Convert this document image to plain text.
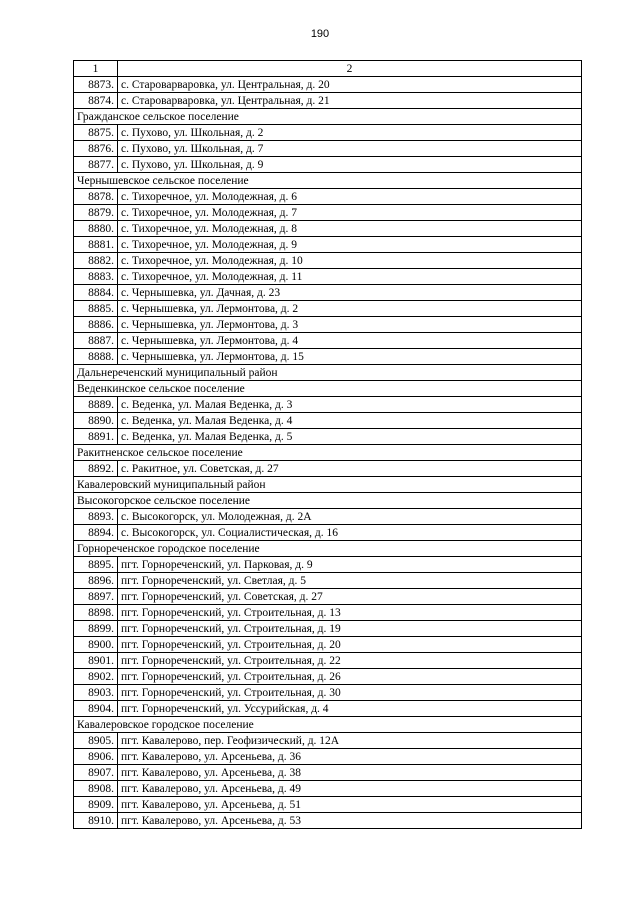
190
1	2
8873.	с. Староварваровка, ул. Центральная, д. 20
8874.	с. Староварваровка, ул. Центральная, д. 21
Гражданское сельское поселение	
8875.	с. Пухово, ул. Школьная, д. 2
8876.	с. Пухово, ул. Школьная, д. 7
8877.	с. Пухово, ул. Школьная, д. 9
Чернышевское сельское поселение	
8878.	с. Тихоречное, ул. Молодежная, д. 6
8879.	с. Тихоречное, ул. Молодежная, д. 7
8880.	с. Тихоречное, ул. Молодежная, д. 8
8881.	с. Тихоречное, ул. Молодежная, д. 9
8882.	с. Тихоречное, ул. Молодежная, д. 10
8883.	с. Тихоречное, ул. Молодежная, д. 11
8884.	с. Чернышевка, ул. Дачная, д. 23
8885.	с. Чернышевка, ул. Лермонтова, д. 2
8886.	с. Чернышевка, ул. Лермонтова, д. 3
8887.	с. Чернышевка, ул. Лермонтова, д. 4
8888.	с. Чернышевка, ул. Лермонтова, д. 15
Дальнереченский муниципальный район	
Веденкинское сельское поселение	
8889.	с. Веденка, ул. Малая Веденка, д. 3
8890.	с. Веденка, ул. Малая Веденка, д. 4
8891.	с. Веденка, ул. Малая Веденка, д. 5
Ракитненское сельское поселение	
8892.	с. Ракитное, ул. Советская, д. 27
Кавалеровский муниципальный район	
Высокогорское сельское поселение	
8893.	с. Высокогорск, ул. Молодежная, д. 2А
8894.	с. Высокогорск, ул. Социалистическая, д. 16
Горнореченское городское поселение	
8895.	пгт. Горнореченский, ул. Парковая, д. 9
8896.	пгт. Горнореченский, ул. Светлая, д. 5
8897.	пгт. Горнореченский, ул. Советская, д. 27
8898.	пгт. Горнореченский, ул. Строительная, д. 13
8899.	пгт. Горнореченский, ул. Строительная, д. 19
8900.	пгт. Горнореченский, ул. Строительная, д. 20
8901.	пгт. Горнореченский, ул. Строительная, д. 22
8902.	пгт. Горнореченский, ул. Строительная, д. 26
8903.	пгт. Горнореченский, ул. Строительная, д. 30
8904.	пгт. Горнореченский, ул. Уссурийская, д. 4
Кавалеровское городское поселение	
8905.	пгт. Кавалерово, пер. Геофизический, д. 12А
8906.	пгт. Кавалерово, ул. Арсеньева, д. 36
8907.	пгт. Кавалерово, ул. Арсеньева, д. 38
8908.	пгт. Кавалерово, ул. Арсеньева, д. 49
8909.	пгт. Кавалерово, ул. Арсеньева, д. 51
8910.	пгт. Кавалерово, ул. Арсеньева, д. 53
